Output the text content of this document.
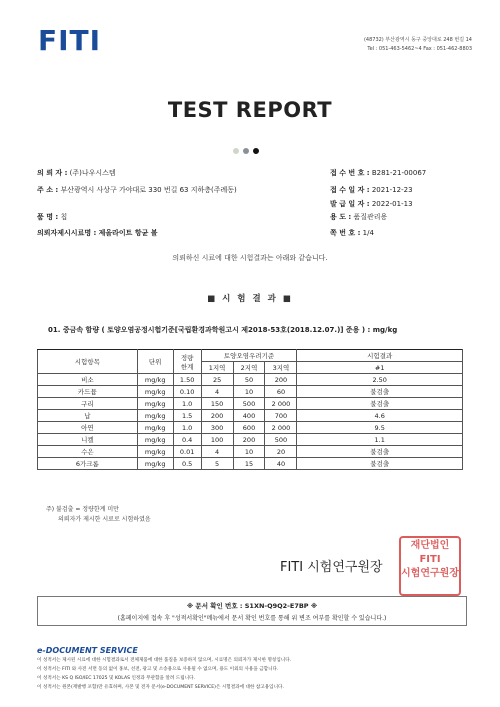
FITI	(48732) 부산광역시 동구 중앙대로 248 번길 14
Tel : 051-463-5462~4 Fax : 051-462-8803
TEST REPORT
의 뢰 자 : (주)나우시스템
주 소 : 부산광역시 사상구 가야대로 330 번길 63 지하층(주례동)
품 명 : 칩
의뢰자제시시료명 : 제올라이트 항균 볼
접 수 번 호 : B281-21-00067
접 수 일 자 : 2021-12-23
발 급 일 자 : 2022-01-13
용 도 : 품질관리용
쪽 번 호 : 1/4
의뢰하신 시료에 대한 시험결과는 아래와 같습니다.
■ 시 험 결 과 ■
01. 중금속 함량 ( 토양오염공정시험기준[국립환경과학원고시 제2018-53호(2018.12.07.)] 준용 ) : mg/kg
시험항목	단위	정량
한계	토양오염우려기준			시험결과
			1지역	2지역	3지역	#1
비소	mg/kg	1.50	25	50	200	2.50
카드뮴	mg/kg	0.10	4	10	60	불검출
구리	mg/kg	1.0	150	500	2 000	불검출
납	mg/kg	1.5	200	400	700	4.6
아연	mg/kg	1.0	300	600	2 000	9.5
니켈	mg/kg	0.4	100	200	500	1.1
수은	mg/kg	0.01	4	10	20	불검출
6가크롬	mg/kg	0.5	5	15	40	불검출
주) 불검출 = 정량한계 미만
의뢰자가 제시한 시료로 시험하였음
FITI 시험연구원장
재단법인
FITI
시험연구원장
※ 문서 확인 번호 : S1XN-Q9Q2-E7BP ※
(홈페이지에 접속 후 "성적서확인"메뉴에서 문서 확인 번호를 통해 위 변조 여부를 확인할 수 있습니다.)
e-DOCUMENT SERVICE
이 성적서는 제시된 시료에 대한 시험결과로서 전체제품에 대한 품질을 보증하지 않으며, 시료명은 의뢰자가 제시한 명칭입니다.
이 성적서는 FITI 와 사전 서면 동의 없이 홍보, 선전, 광고 및 소송용으로 사용될 수 없으며, 용도 이외의 사용을 금합니다.
이 성적서는 KS Q ISO/IEC 17025 및 KOLAS 인정과 무관함을 알려 드립니다.
이 성적서는 원본(재발행 포함)만 유효하며, 사본 및 전자 문서(e-DOCUMENT SERVICE)은 시험결과에 대한 참고용입니다.
